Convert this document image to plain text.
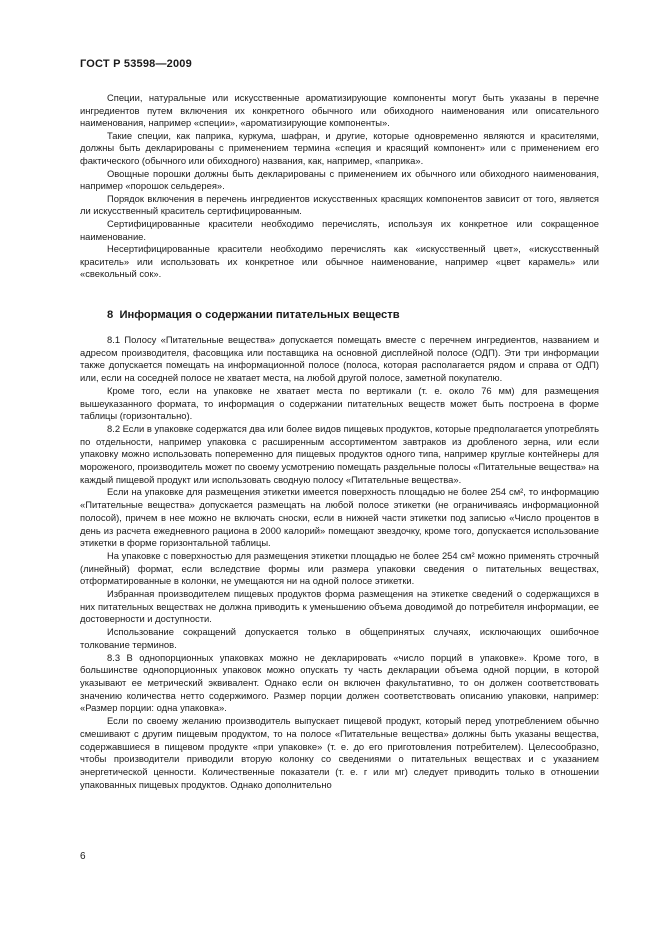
ГОСТ Р 53598—2009

Специи, натуральные или искусственные ароматизирующие компоненты могут быть указаны в перечне ингредиентов путем включения их конкретного обычного или обиходного наименования или описательного наименования, например «специи», «ароматизирующие компоненты».

Такие специи, как паприка, куркума, шафран, и другие, которые одновременно являются и красителями, должны быть декларированы с применением термина «специя и красящий компонент» или с применением его фактического (обычного или обиходного) названия, как, например, «паприка».

Овощные порошки должны быть декларированы с применением их обычного или обиходного наименования, например «порошок сельдерея».

Порядок включения в перечень ингредиентов искусственных красящих компонентов зависит от того, является ли искусственный краситель сертифицированным.

Сертифицированные красители необходимо перечислять, используя их конкретное или сокращенное наименование.

Несертифицированные красители необходимо перечислять как «искусственный цвет», «искусственный краситель» или использовать их конкретное или обычное наименование, например «цвет карамель» или «свекольный сок».

8 Информация о содержании питательных веществ

8.1 Полосу «Питательные вещества» допускается помещать вместе с перечнем ингредиентов, названием и адресом производителя, фасовщика или поставщика на основной дисплейной полосе (ОДП). Эти три информации также допускается помещать на информационной полосе (полоса, которая располагается рядом и справа от ОДП) или, если на соседней полосе не хватает места, на любой другой полосе, заметной покупателю.

Кроме того, если на упаковке не хватает места по вертикали (т. е. около 76 мм) для размещения вышеуказанного формата, то информация о содержании питательных веществ может быть построена в форме таблицы (горизонтально).

8.2 Если в упаковке содержатся два или более видов пищевых продуктов, которые предполагается употреблять по отдельности, например упаковка с расширенным ассортиментом завтраков из дробленого зерна, или если упаковку можно использовать попеременно для пищевых продуктов одного типа, например круглые контейнеры для мороженого, производитель может по своему усмотрению помещать раздельные полосы «Питательные вещества» на каждый пищевой продукт или использовать сводную полосу «Питательные вещества».

Если на упаковке для размещения этикетки имеется поверхность площадью не более 254 см², то информацию «Питательные вещества» допускается размещать на любой полосе этикетки (не ограничиваясь информационной полосой), причем в нее можно не включать сноски, если в нижней части этикетки под записью «Число процентов в день из расчета ежедневного рациона в 2000 калорий» помещают звездочку, кроме того, допускается использование этикетки в форме горизонтальной таблицы.

На упаковке с поверхностью для размещения этикетки площадью не более 254 см² можно применять строчный (линейный) формат, если вследствие формы или размера упаковки сведения о питательных веществах, отформатированные в колонки, не умещаются ни на одной полосе этикетки.

Избранная производителем пищевых продуктов форма размещения на этикетке сведений о содержащихся в них питательных веществах не должна приводить к уменьшению объема доводимой до потребителя информации, ее достоверности и доступности.

Использование сокращений допускается только в общепринятых случаях, исключающих ошибочное толкование терминов.

8.3 В однопорционных упаковках можно не декларировать «число порций в упаковке». Кроме того, в большинстве однопорционных упаковок можно опускать ту часть декларации объема одной порции, в которой указывают ее метрический эквивалент. Однако если он включен факультативно, то он должен соответствовать значению количества нетто содержимого. Размер порции должен соответствовать описанию упаковки, например: «Размер порции: одна упаковка».

Если по своему желанию производитель выпускает пищевой продукт, который перед употреблением обычно смешивают с другим пищевым продуктом, то на полосе «Питательные вещества» должны быть указаны вещества, содержавшиеся в пищевом продукте «при упаковке» (т. е. до его приготовления потребителем). Целесообразно, чтобы производители приводили вторую колонку со сведениями о питательных веществах и с указанием энергетической ценности. Количественные показатели (т. е. г или мг) следует приводить только в отношении упакованных пищевых продуктов. Однако дополнительно

6
